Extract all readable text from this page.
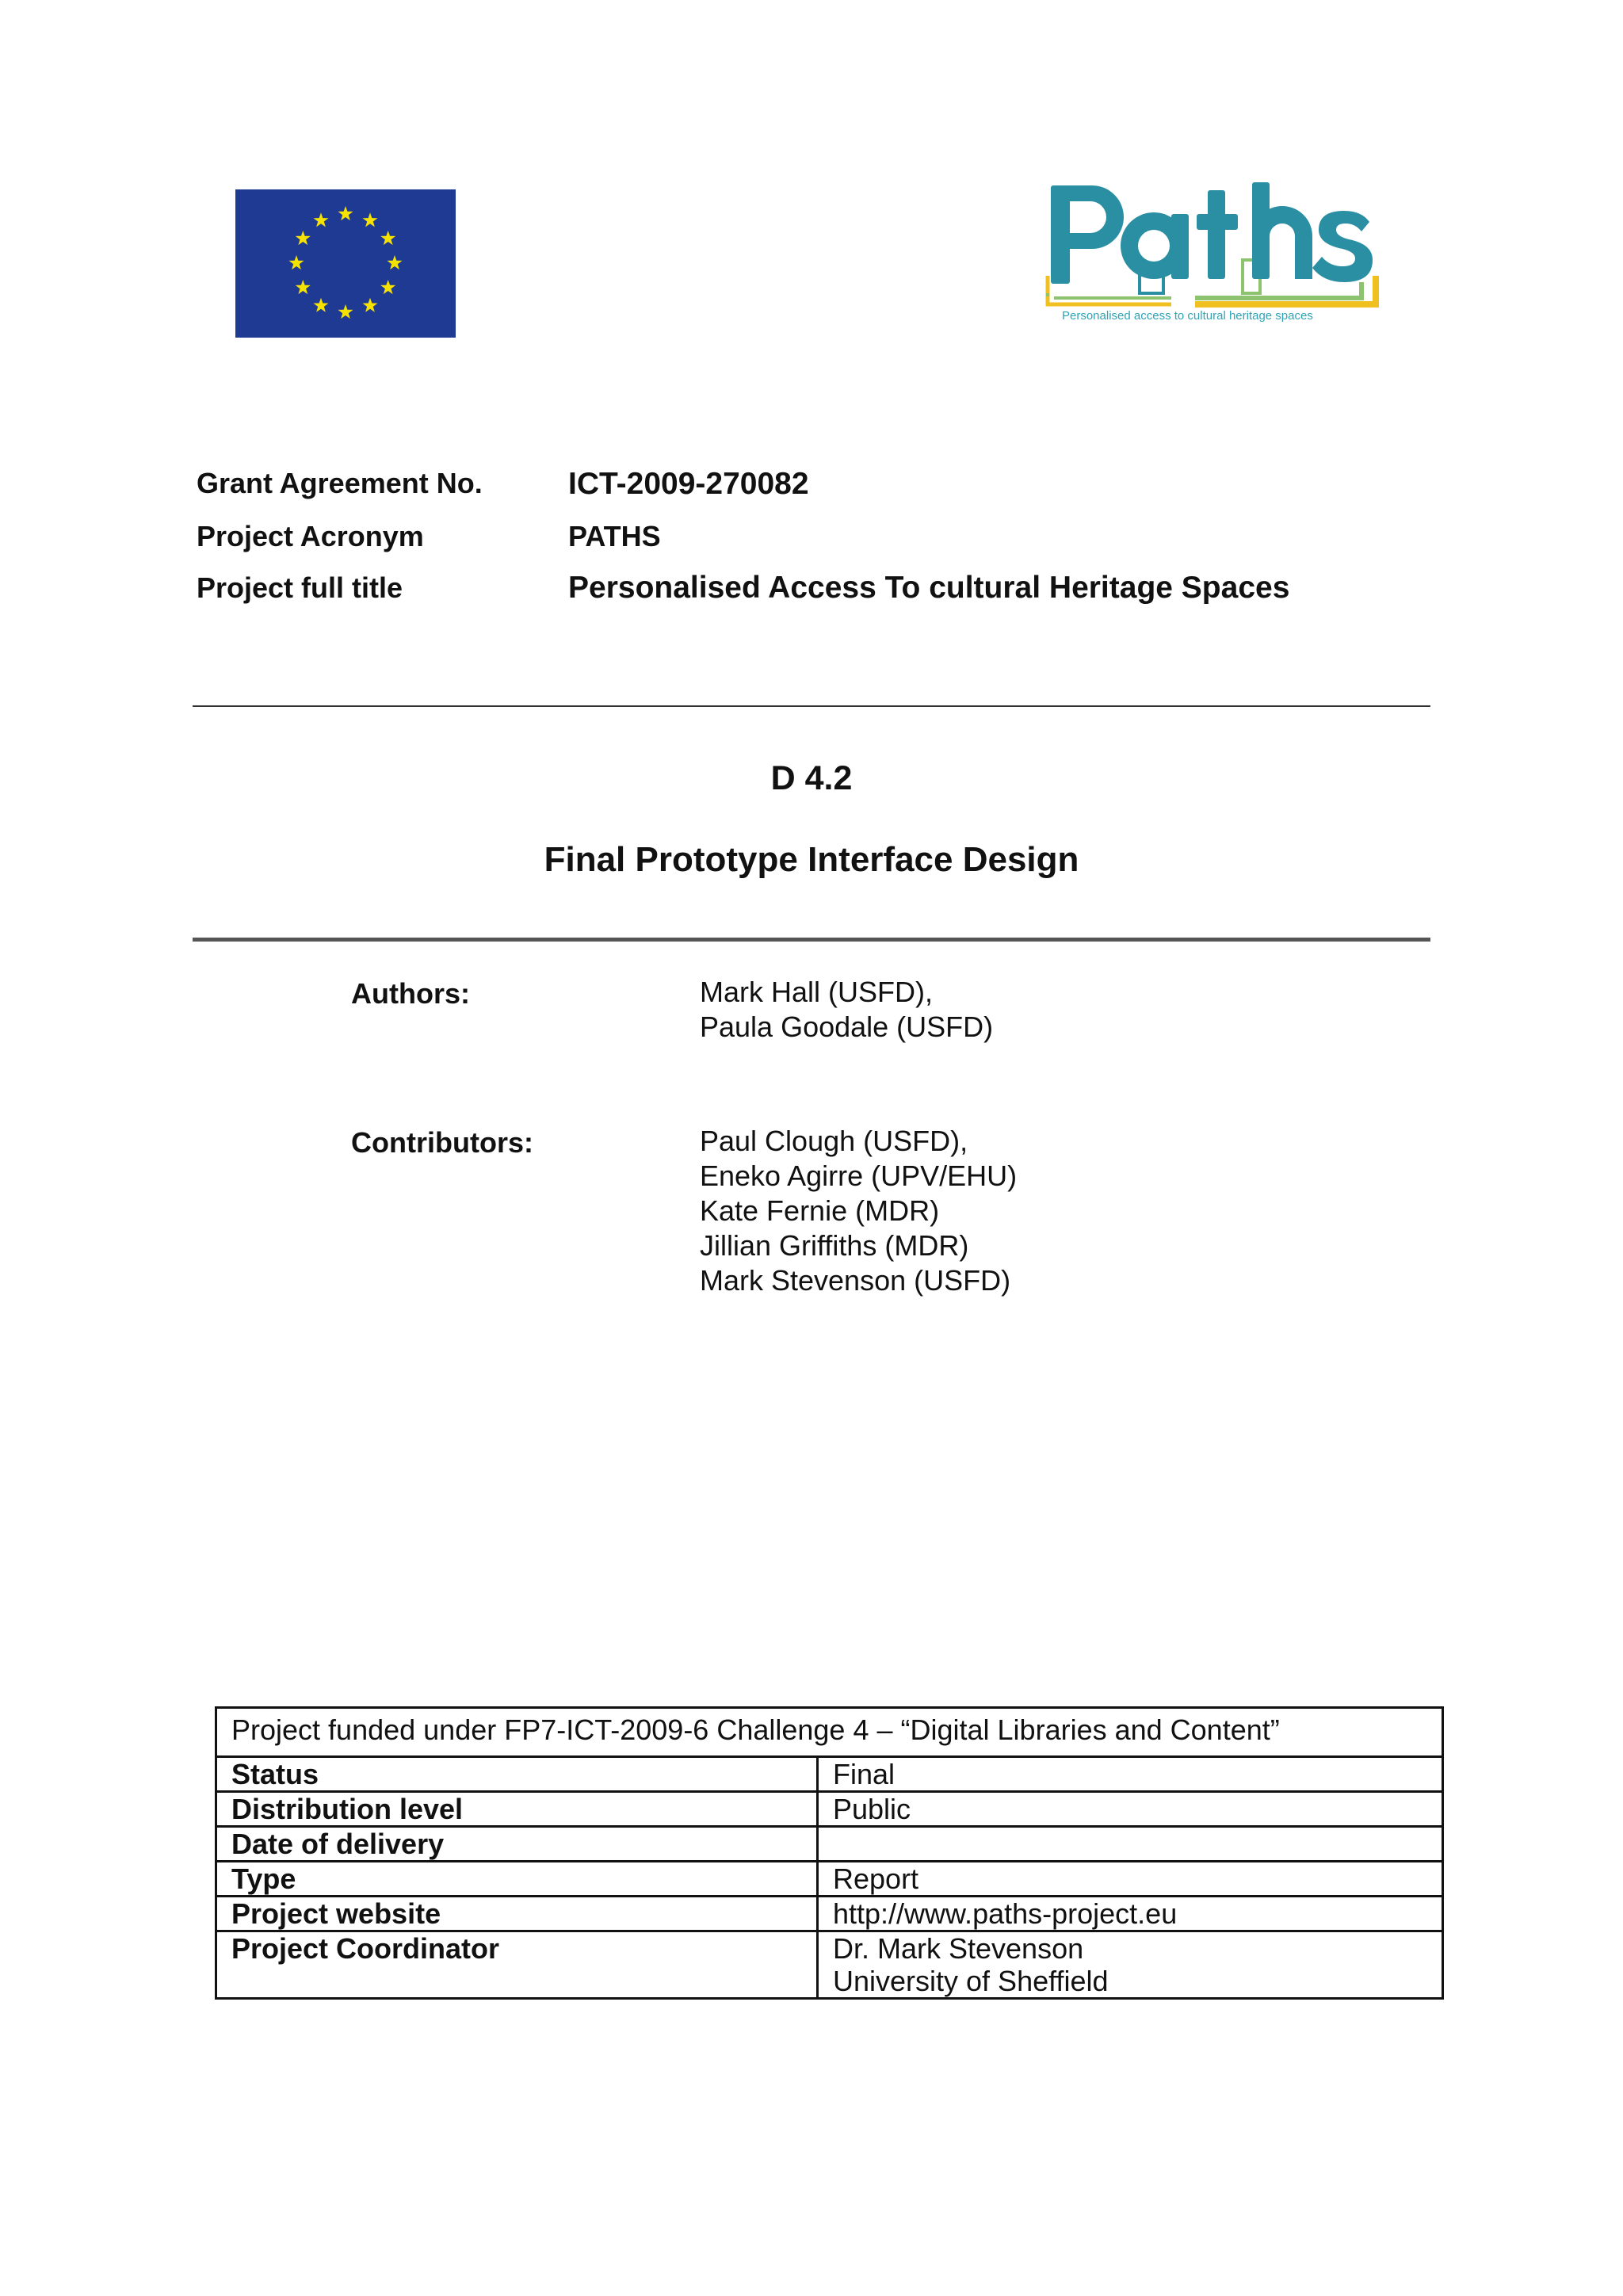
Personalised access to cultural heritage spaces
Grant Agreement No.	ICT-2009-270082
Project Acronym	PATHS
Project full title	Personalised Access To cultural Heritage Spaces
D 4.2
Final Prototype Interface Design
Authors:	Mark Hall (USFD),
Paula Goodale (USFD)
Contributors:	Paul Clough (USFD),
Eneko Agirre (UPV/EHU)
Kate Fernie (MDR)
Jillian Griffiths (MDR)
Mark Stevenson (USFD)
Project funded under FP7-ICT-2009-6 Challenge 4 – “Digital Libraries and Content”	
Status	Final
Distribution level	Public
Date of delivery	
Type	Report
Project website	http://www.paths-project.eu
Project Coordinator	Dr. Mark Stevenson
University of Sheffield
